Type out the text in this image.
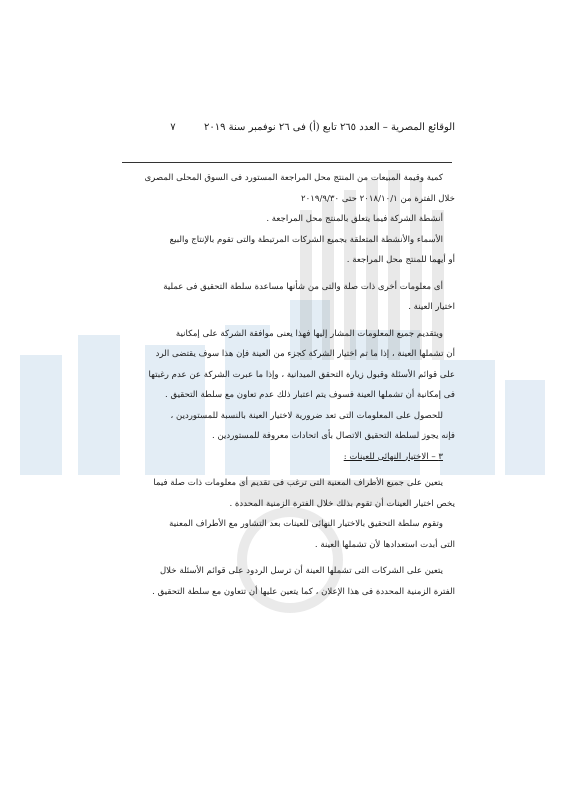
الوقائع المصرية – العدد ٢٦٥ تابع (أ) فى ٢٦ نوفمبر سنة ٢٠١٩  ٧

كمية وقيمة المبيعات من المنتج محل المراجعة المستورد فى السوق المحلى المصرى

خلال الفترة من ٢٠١٨/١٠/١ حتى ٢٠١٩/٩/٣٠

أنشطة الشركة فيما يتعلق بالمنتج محل المراجعة .

الأسماء والأنشطة المتعلقة بجميع الشركات المرتبطة والتى تقوم بالإنتاج والبيع

أو أيهما للمنتج محل المراجعة .

أى معلومات أخرى ذات صلة والتى من شأنها مساعدة سلطة التحقيق فى عملية

اختيار العينة .

ويتقديم جميع المعلومات المشار إليها فهذا يعنى موافقة الشركة على إمكانية

أن تشملها العينة ، إذا ما تم اختيار الشركة كجزء من العينة فإن هذا سوف يقتضى الرد

على قوائم الأسئلة وقبول زيارة التحقق الميدانية ، وإذا ما عبرت الشركة عن عدم رغبتها

فى إمكانية أن تشملها العينة فسوف يتم اعتبار ذلك عدم تعاون مع سلطة التحقيق .

للحصول على المعلومات التى تعد ضرورية لاختيار العينة بالنسبة للمستوردين ،

فإنه يجوز لسلطة التحقيق الاتصال بأى اتحادات معروفة للمستوردين .

٣ – الاختيار النهائى للعينات :

يتعين على جميع الأطراف المعنية التى ترغب فى تقديم أى معلومات ذات صلة فيما

يخص اختيار العينات أن تقوم بذلك خلال الفترة الزمنية المحددة .

وتقوم سلطة التحقيق بالاختيار النهائى للعينات بعد التشاور مع الأطراف المعنية

التى أبدت استعدادها لأن تشملها العينة .

يتعين على الشركات التى تشملها العينة أن ترسل الردود على قوائم الأسئلة خلال

الفترة الزمنية المحددة فى هذا الإعلان ، كما يتعين عليها أن تتعاون مع سلطة التحقيق .
